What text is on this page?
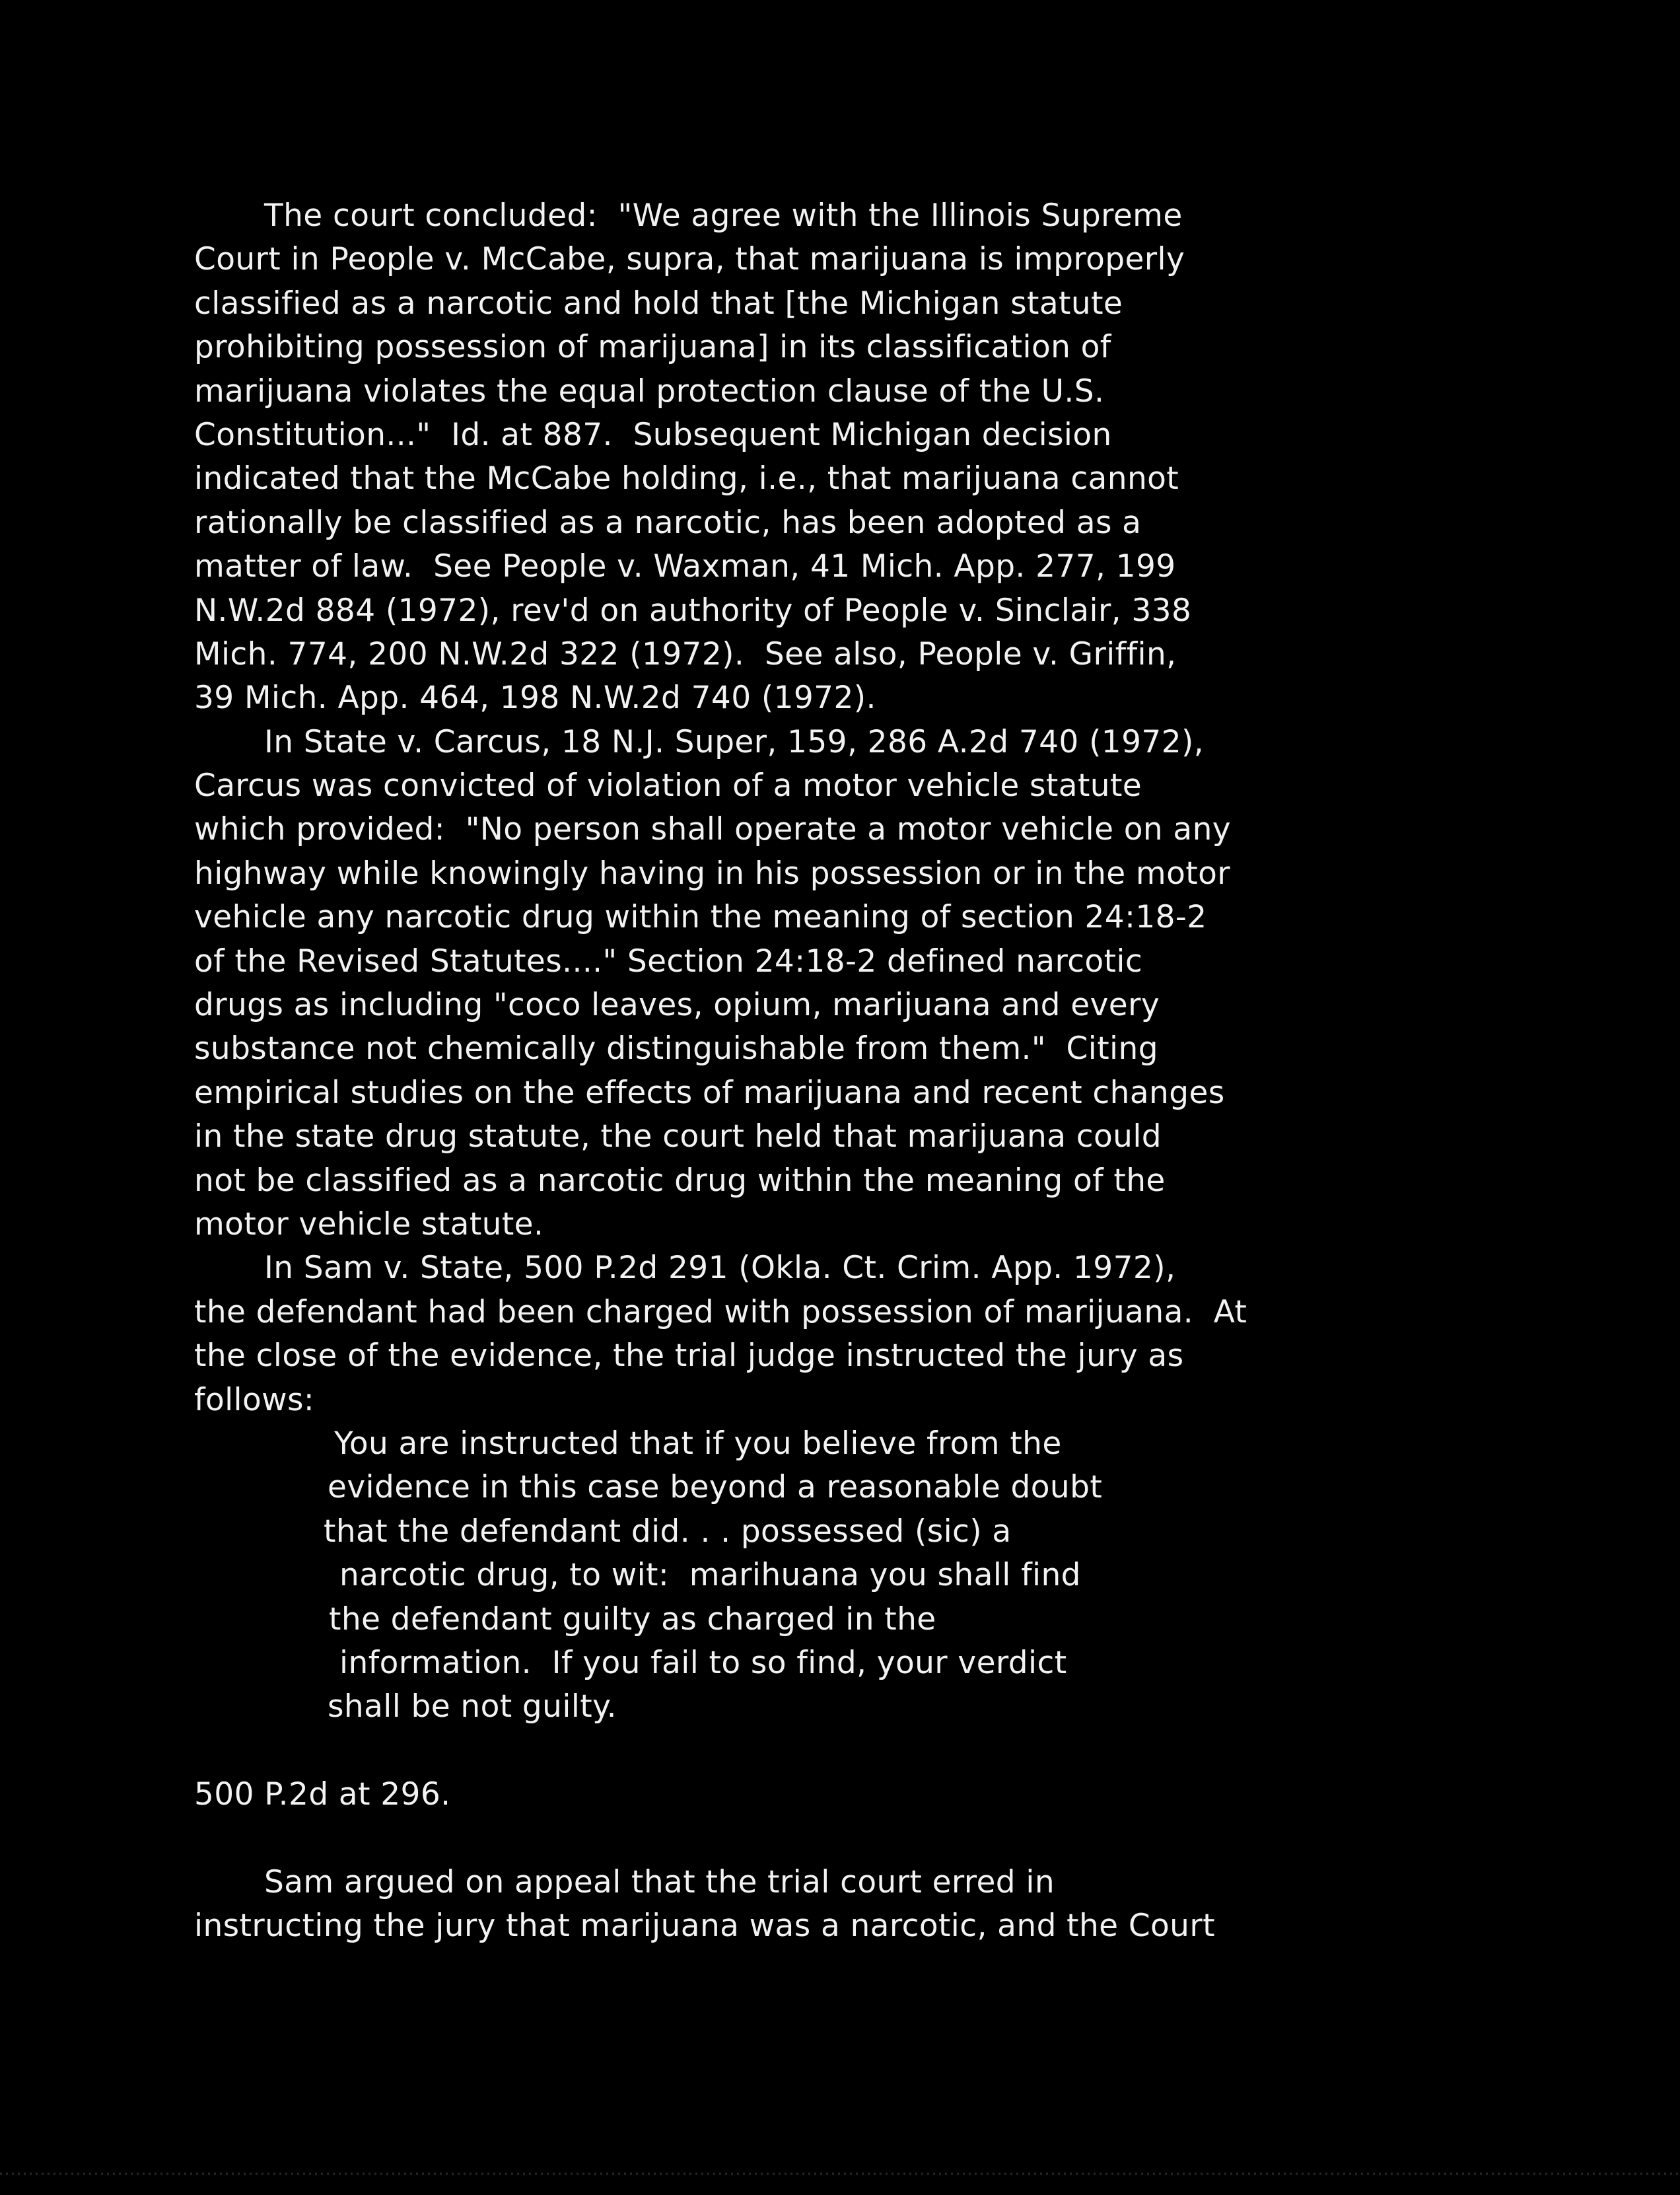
The court concluded:  "We agree with the Illinois Supreme
Court in People v. McCabe, supra, that marijuana is improperly
classified as a narcotic and hold that [the Michigan statute
prohibiting possession of marijuana] in its classification of
marijuana violates the equal protection clause of the U.S.
Constitution..."  Id. at 887.  Subsequent Michigan decision
indicated that the McCabe holding, i.e., that marijuana cannot
rationally be classified as a narcotic, has been adopted as a
matter of law.  See People v. Waxman, 41 Mich. App. 277, 199
N.W.2d 884 (1972), rev'd on authority of People v. Sinclair, 338
Mich. 774, 200 N.W.2d 322 (1972).  See also, People v. Griffin,
39 Mich. App. 464, 198 N.W.2d 740 (1972).
In State v. Carcus, 18 N.J. Super, 159, 286 A.2d 740 (1972),
Carcus was convicted of violation of a motor vehicle statute
which provided:  "No person shall operate a motor vehicle on any
highway while knowingly having in his possession or in the motor
vehicle any narcotic drug within the meaning of section 24:18-2
of the Revised Statutes...." Section 24:18-2 defined narcotic
drugs as including "coco leaves, opium, marijuana and every
substance not chemically distinguishable from them."  Citing
empirical studies on the effects of marijuana and recent changes
in the state drug statute, the court held that marijuana could
not be classified as a narcotic drug within the meaning of the
motor vehicle statute.
In Sam v. State, 500 P.2d 291 (Okla. Ct. Crim. App. 1972),
the defendant had been charged with possession of marijuana.  At
the close of the evidence, the trial judge instructed the jury as
follows:
You are instructed that if you believe from the
evidence in this case beyond a reasonable doubt
that the defendant did. . . possessed (sic) a
narcotic drug, to wit:  marihuana you shall find
the defendant guilty as charged in the
information.  If you fail to so find, your verdict
shall be not guilty.
500 P.2d at 296.
Sam argued on appeal that the trial court erred in
instructing the jury that marijuana was a narcotic, and the Court
